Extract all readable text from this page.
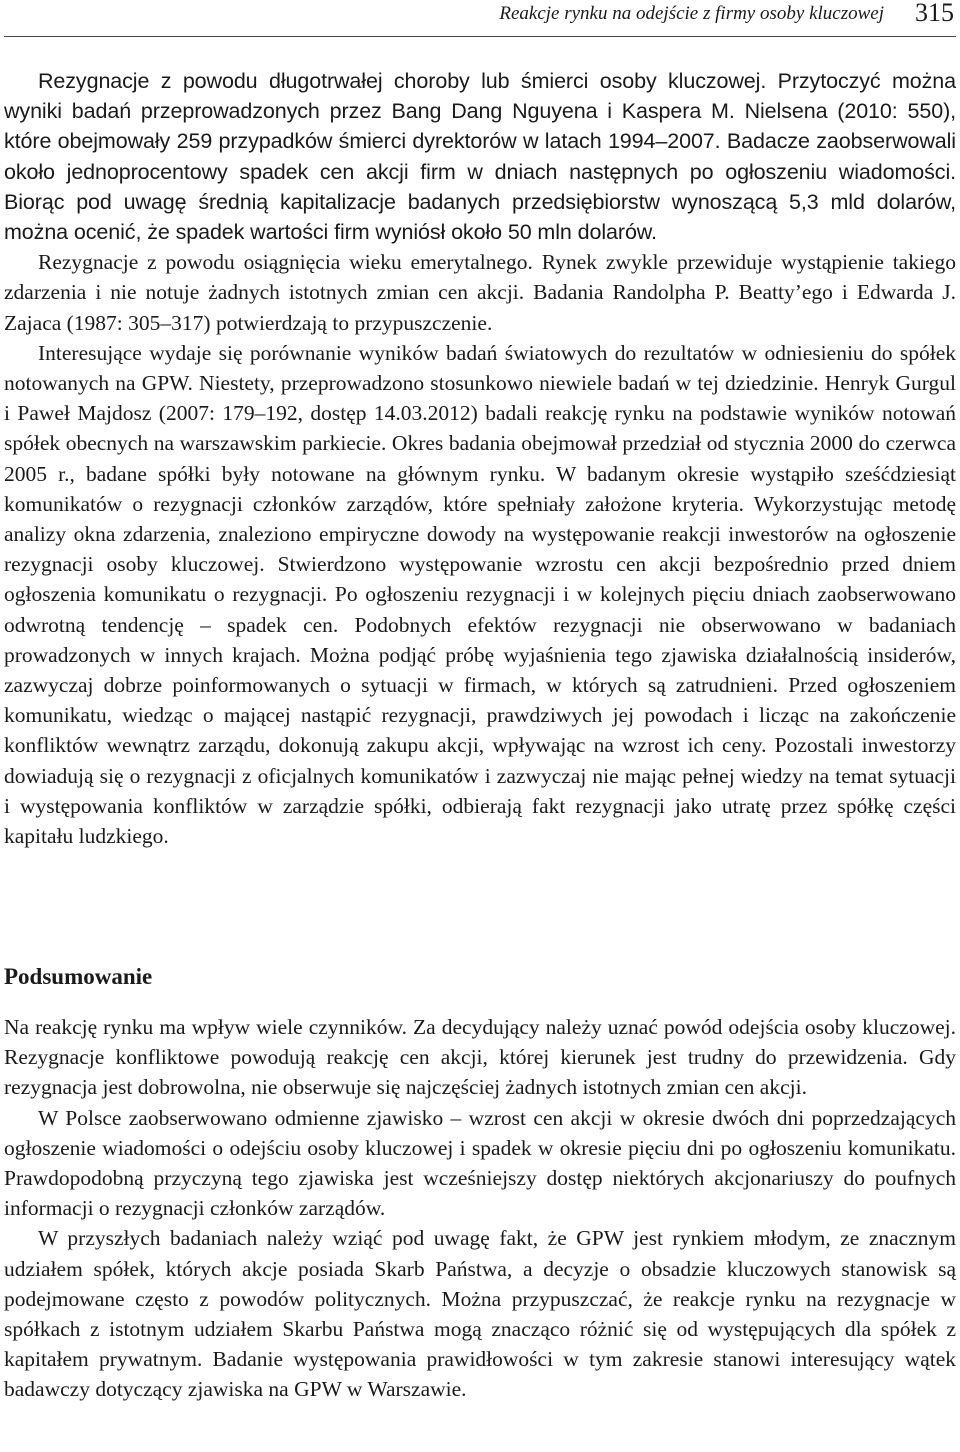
Reakcje rynku na odejście z firmy osoby kluczowej 315

Rezygnacje z powodu długotrwałej choroby lub śmierci osoby kluczowej. Przytoczyć można wyniki badań przeprowadzonych przez Bang Dang Nguyena i Kaspera M. Nielsena (2010: 550), które obejmowały 259 przypadków śmierci dyrektorów w latach 1994–2007. Badacze zaobserwowali około jednoprocentowy spadek cen akcji firm w dniach następnych po ogłoszeniu wiadomości. Biorąc pod uwagę średnią kapitalizacje badanych przedsiębiorstw wynoszącą 5,3 mld dolarów, można ocenić, że spadek wartości firm wyniósł około 50 mln dolarów.

Rezygnacje z powodu osiągnięcia wieku emerytalnego. Rynek zwykle przewiduje wystąpienie takiego zdarzenia i nie notuje żadnych istotnych zmian cen akcji. Badania Randolpha P. Beatty’ego i Edwarda J. Zajaca (1987: 305–317) potwierdzają to przypuszczenie.

Interesujące wydaje się porównanie wyników badań światowych do rezultatów w odniesieniu do spółek notowanych na GPW. Niestety, przeprowadzono stosunkowo niewiele badań w tej dziedzinie. Henryk Gurgul i Paweł Majdosz (2007: 179–192, dostęp 14.03.2012) badali reakcję rynku na podstawie wyników notowań spółek obecnych na warszawskim parkiecie. Okres badania obejmował przedział od stycznia 2000 do czerwca 2005 r., badane spółki były notowane na głównym rynku. W badanym okresie wystąpiło sześćdziesiąt komunikatów o rezygnacji członków zarządów, które spełniały założone kryteria. Wykorzystując metodę analizy okna zdarzenia, znaleziono empiryczne dowody na występowanie reakcji inwestorów na ogłoszenie rezygnacji osoby kluczowej. Stwierdzono występowanie wzrostu cen akcji bezpośrednio przed dniem ogłoszenia komunikatu o rezygnacji. Po ogłoszeniu rezygnacji i w kolejnych pięciu dniach zaobserwowano odwrotną tendencję – spadek cen. Podobnych efektów rezygnacji nie obserwowano w badaniach prowadzonych w innych krajach. Można podjąć próbę wyjaśnienia tego zjawiska działalnością insiderów, zazwyczaj dobrze poinformowanych o sytuacji w firmach, w których są zatrudnieni. Przed ogłoszeniem komunikatu, wiedząc o mającej nastąpić rezygnacji, prawdziwych jej powodach i licząc na zakończenie konfliktów wewnątrz zarządu, dokonują zakupu akcji, wpływając na wzrost ich ceny. Pozostali inwestorzy dowiadują się o rezygnacji z oficjalnych komunikatów i zazwyczaj nie mając pełnej wiedzy na temat sytuacji i występowania konfliktów w zarządzie spółki, odbierają fakt rezygnacji jako utratę przez spółkę części kapitału ludzkiego.

Podsumowanie

Na reakcję rynku ma wpływ wiele czynników. Za decydujący należy uznać powód odejścia osoby kluczowej. Rezygnacje konfliktowe powodują reakcję cen akcji, której kierunek jest trudny do przewidzenia. Gdy rezygnacja jest dobrowolna, nie obserwuje się najczęściej żadnych istotnych zmian cen akcji.

W Polsce zaobserwowano odmienne zjawisko – wzrost cen akcji w okresie dwóch dni poprzedzających ogłoszenie wiadomości o odejściu osoby kluczowej i spadek w okresie pięciu dni po ogłoszeniu komunikatu. Prawdopodobną przyczyną tego zjawiska jest wcześniejszy dostęp niektórych akcjonariuszy do poufnych informacji o rezygnacji członków zarządów.

W przyszłych badaniach należy wziąć pod uwagę fakt, że GPW jest rynkiem młodym, ze znacznym udziałem spółek, których akcje posiada Skarb Państwa, a decyzje o obsadzie kluczowych stanowisk są podejmowane często z powodów politycznych. Można przypuszczać, że reakcje rynku na rezygnacje w spółkach z istotnym udziałem Skarbu Państwa mogą znacząco różnić się od występujących dla spółek z kapitałem prywatnym. Badanie występowania prawidłowości w tym zakresie stanowi interesujący wątek badawczy dotyczący zjawiska na GPW w Warszawie.
